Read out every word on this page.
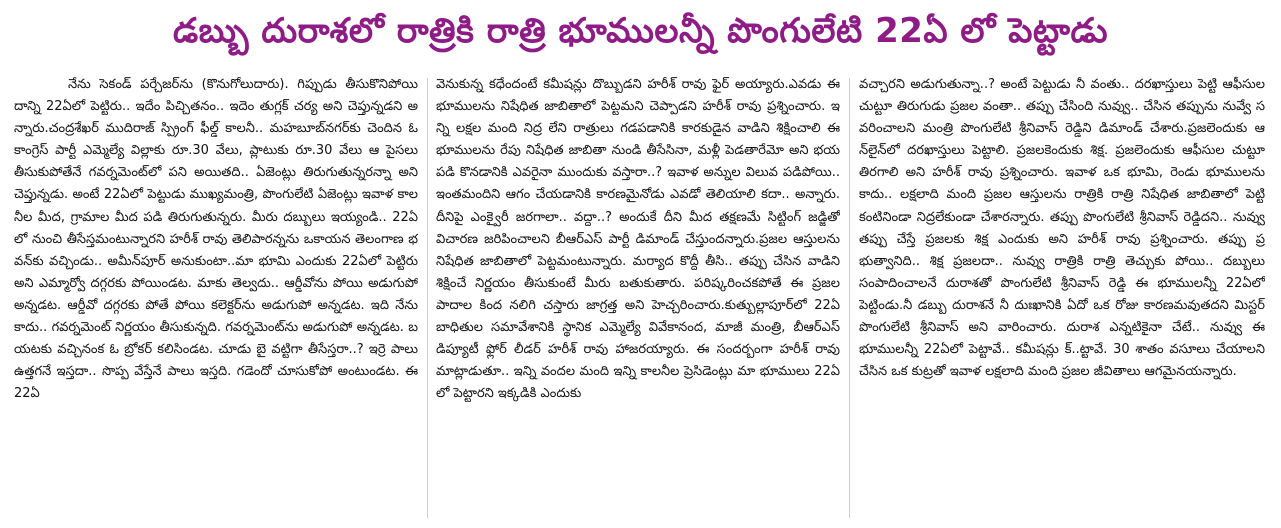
డబ్బు దురాశలో రాత్రికి రాత్రి భూములన్నీ పొంగులేటి 22ఏ లో పెట్టాడు

నేను సెకండ్ పర్చేజర్‌ను (కొనుగోలుదారు). గిప్పుడు తీసుకొనిపోయి దాన్ని 22ఏలో పెట్టిరు.. ఇదేం పిచ్చితనం.. ఇదెం తుగ్లక్ చర్య అని చెప్తున్నడని అన్నారు.చంద్రశేఖర్ ముదిరాజ్ స్ప్రింగ్ ఫీల్డ్ కాలనీ.. మహబూబ్‌నగర్‌కు చెందిన ఓ కాంగ్రెస్ పార్టీ ఎమ్మెల్యే విల్లాకు రూ.30 వేలు, ప్లాటుకు రూ.30 వేలు ఆ పైసలు తీసుకుపోతేనే గవర్నమెంట్‌లో పని అయితది.. ఏజెంట్లు తిరుగుతున్నరన్నా అని చెప్తున్నడు. అంటే 22ఏలో పెట్టుడు ముఖ్యమంత్రి, పొంగులేటి ఏజెంట్లు ఇవాళ కాలనీల మీద, గ్రామాల మీద పడి తిరుగుతున్నరు. మీరు దబ్బులు ఇయ్యండి.. 22ఏలో నుంచి తీసేస్తమంటున్నారని హరీశ్ రావు తెలిపారన్నను ఒకాయన తెలంగాణ భవన్‌కు వచ్చిండు.. అమీన్‌పూర్ అనుకుంటా..మా భూమి ఎందుకు 22ఏలో పెట్టిరు అని ఎమ్మార్వో దగ్గరకు పోయిండట. మాకు తెల్వదు.. ఆర్డీవోను పోయి అడుగుపో అన్నడట. ఆర్డీవో దగ్గరకు పోతే పోయి కలెక్టర్‌ను అడుగుపో అన్నడట. ఇది నేను కాదు.. గవర్నమెంట్ నిర్ణయం తీసుకున్నది. గవర్నమెంట్‌ను అడుగుపో అన్నడట. బయటకు వచ్చినంక ఓ బ్రోకర్ కలిసిండట. చూడు బై వట్టిగా తీసేస్తరా..? ఇర్రె పాలు ఉత్తగనే ఇస్తదా.. సొప్ప వేస్తేనే పాలు ఇస్తది. గడెందో చూసుకోపో అంటుండట. ఈ 22ఏ

వెనుకున్న కధేందంటే కమీషన్లు దొబ్బుడని హరీశ్ రావు ఫైర్ అయ్యారు.ఎవడు ఈ భూములను నిషేధిత జాబితాలో పెట్టమని చెప్పాడని హరీశ్ రావు ప్రశ్నించారు. ఇన్ని లక్షల మంది నిద్ర లేని రాత్రులు గడపడానికి కారకుడైన వాడిని శిక్షించాలి ఈ భూములను రేపు నిషేధిత జాబితా నుండి తీసేసినా, మళ్లీ పెడతారేమో అని భయపడి కొనడానికి ఎవరైనా ముందుకు వస్తారా..? ఇవాళ అన్నుల విలువ పడిపోయి.. ఇంతమందిని ఆగం చేయడానికి కారణమైనోడు ఎవడో తెలియాలి కదా.. అన్నారు. దీనిపై ఎంక్వైరీ జరగాలా.. వద్దా..? అందుకే దీని మీద తక్షణమే సిట్టింగ్ జడ్జితో విచారణ జరిపించాలని బీఆర్ఎస్ పార్టీ డిమాండ్ చేస్తుందన్నారు.ప్రజల ఆస్తులను నిషేధిత జాబితాలో పెట్టమంటున్నారు. మర్యాద కొద్దీ తీసి.. తప్పు చేసిన వాడిని శిక్షించే నిర్ణయం తీసుకుంటే మీరు బతుకుతారు. పరిష్కరించకపోతే ఈ ప్రజల పాదాల కింద నలిగి చస్తారు జాగ్రత్త అని హెచ్చరించారు.కుత్బుల్లాపూర్‌లో 22ఏ బాధితుల సమావేశానికి స్థానిక ఎమ్మెల్యే వివేకానంద, మాజీ మంత్రి, బీఆర్ఎస్ డిప్యూటీ ఫ్లోర్ లీడర్ హరీశ్ రావు హాజరయ్యారు. ఈ సందర్బంగా హరీశ్ రావు మాట్లాడుతూ.. ఇన్ని వందల మంది ఇన్ని కాలనీల ప్రెసిడెంట్లు మా భూములు 22ఏలో పెట్టారని ఇక్కడికి ఎందుకు

వచ్చారని అడుగుతున్నా..? అంటే పెట్టుడు నీ వంతు.. దరఖాస్తులు పెట్టి ఆఫీసుల చుట్టూ తిరుగుడు ప్రజల వంతా.. తప్పు చేసింది నువ్వు.. చేసిన తప్పును నువ్వే సవరించాలని మంత్రి పొంగులేటి శ్రీనివాస్ రెడ్డిని డిమాండ్ చేశారు.ప్రజలెందుకు ఆన్‌లైన్‌లో దరఖాస్తులు పెట్టాలి. ప్రజలకెందుకు శిక్ష. ప్రజలెందుకు ఆఫీసుల చుట్టూ తిరగాలి అని హరీశ్ రావు ప్రశ్నించారు. ఇవాళ ఒక భూమి, రెండు భూములను కాదు.. లక్షలాది మంది ప్రజల ఆస్తులను రాత్రికి రాత్రి నిషేధిత జాబితాలో పెట్టి కంటినిండా నిద్రలేకుండా చేశారన్నారు. తప్పు పొంగులేటి శ్రీనివాస్ రెడ్డిదని.. నువ్వు తప్పు చేస్తే ప్రజలకు శిక్ష ఎందుకు అని హరీశ్ రావు ప్రశ్నించారు. తప్పు ప్రభుత్వానిది.. శిక్ష ప్రజలదా.. నువ్వు రాత్రికి రాత్రి తెచ్చుకు పోయి.. దబ్బులు సంపాదించాలనే దురాశతో పొంగులేటి శ్రీనివాస్ రెడ్డి ఈ భూములన్నీ 22ఏలో పెట్టిండు.నీ డబ్బు దురాశనే నీ దుఃఖానికి ఏదో ఒక రోజు కారణమవుతదని మిస్టర్ పొంగులేటి శ్రీనివాస్ అని వారించారు. దురాశ ఎన్నటికైనా చేటే.. నువ్వు ఈ భూములన్నీ 22ఏలో పెట్టావే.. కమీషన్లు క్..ట్టావే. 30 శాతం వసూలు చేయాలని చేసిన ఒక కుట్రతో ఇవాళ లక్షలాది మంది ప్రజల జీవితాలు ఆగమైనయన్నారు.
